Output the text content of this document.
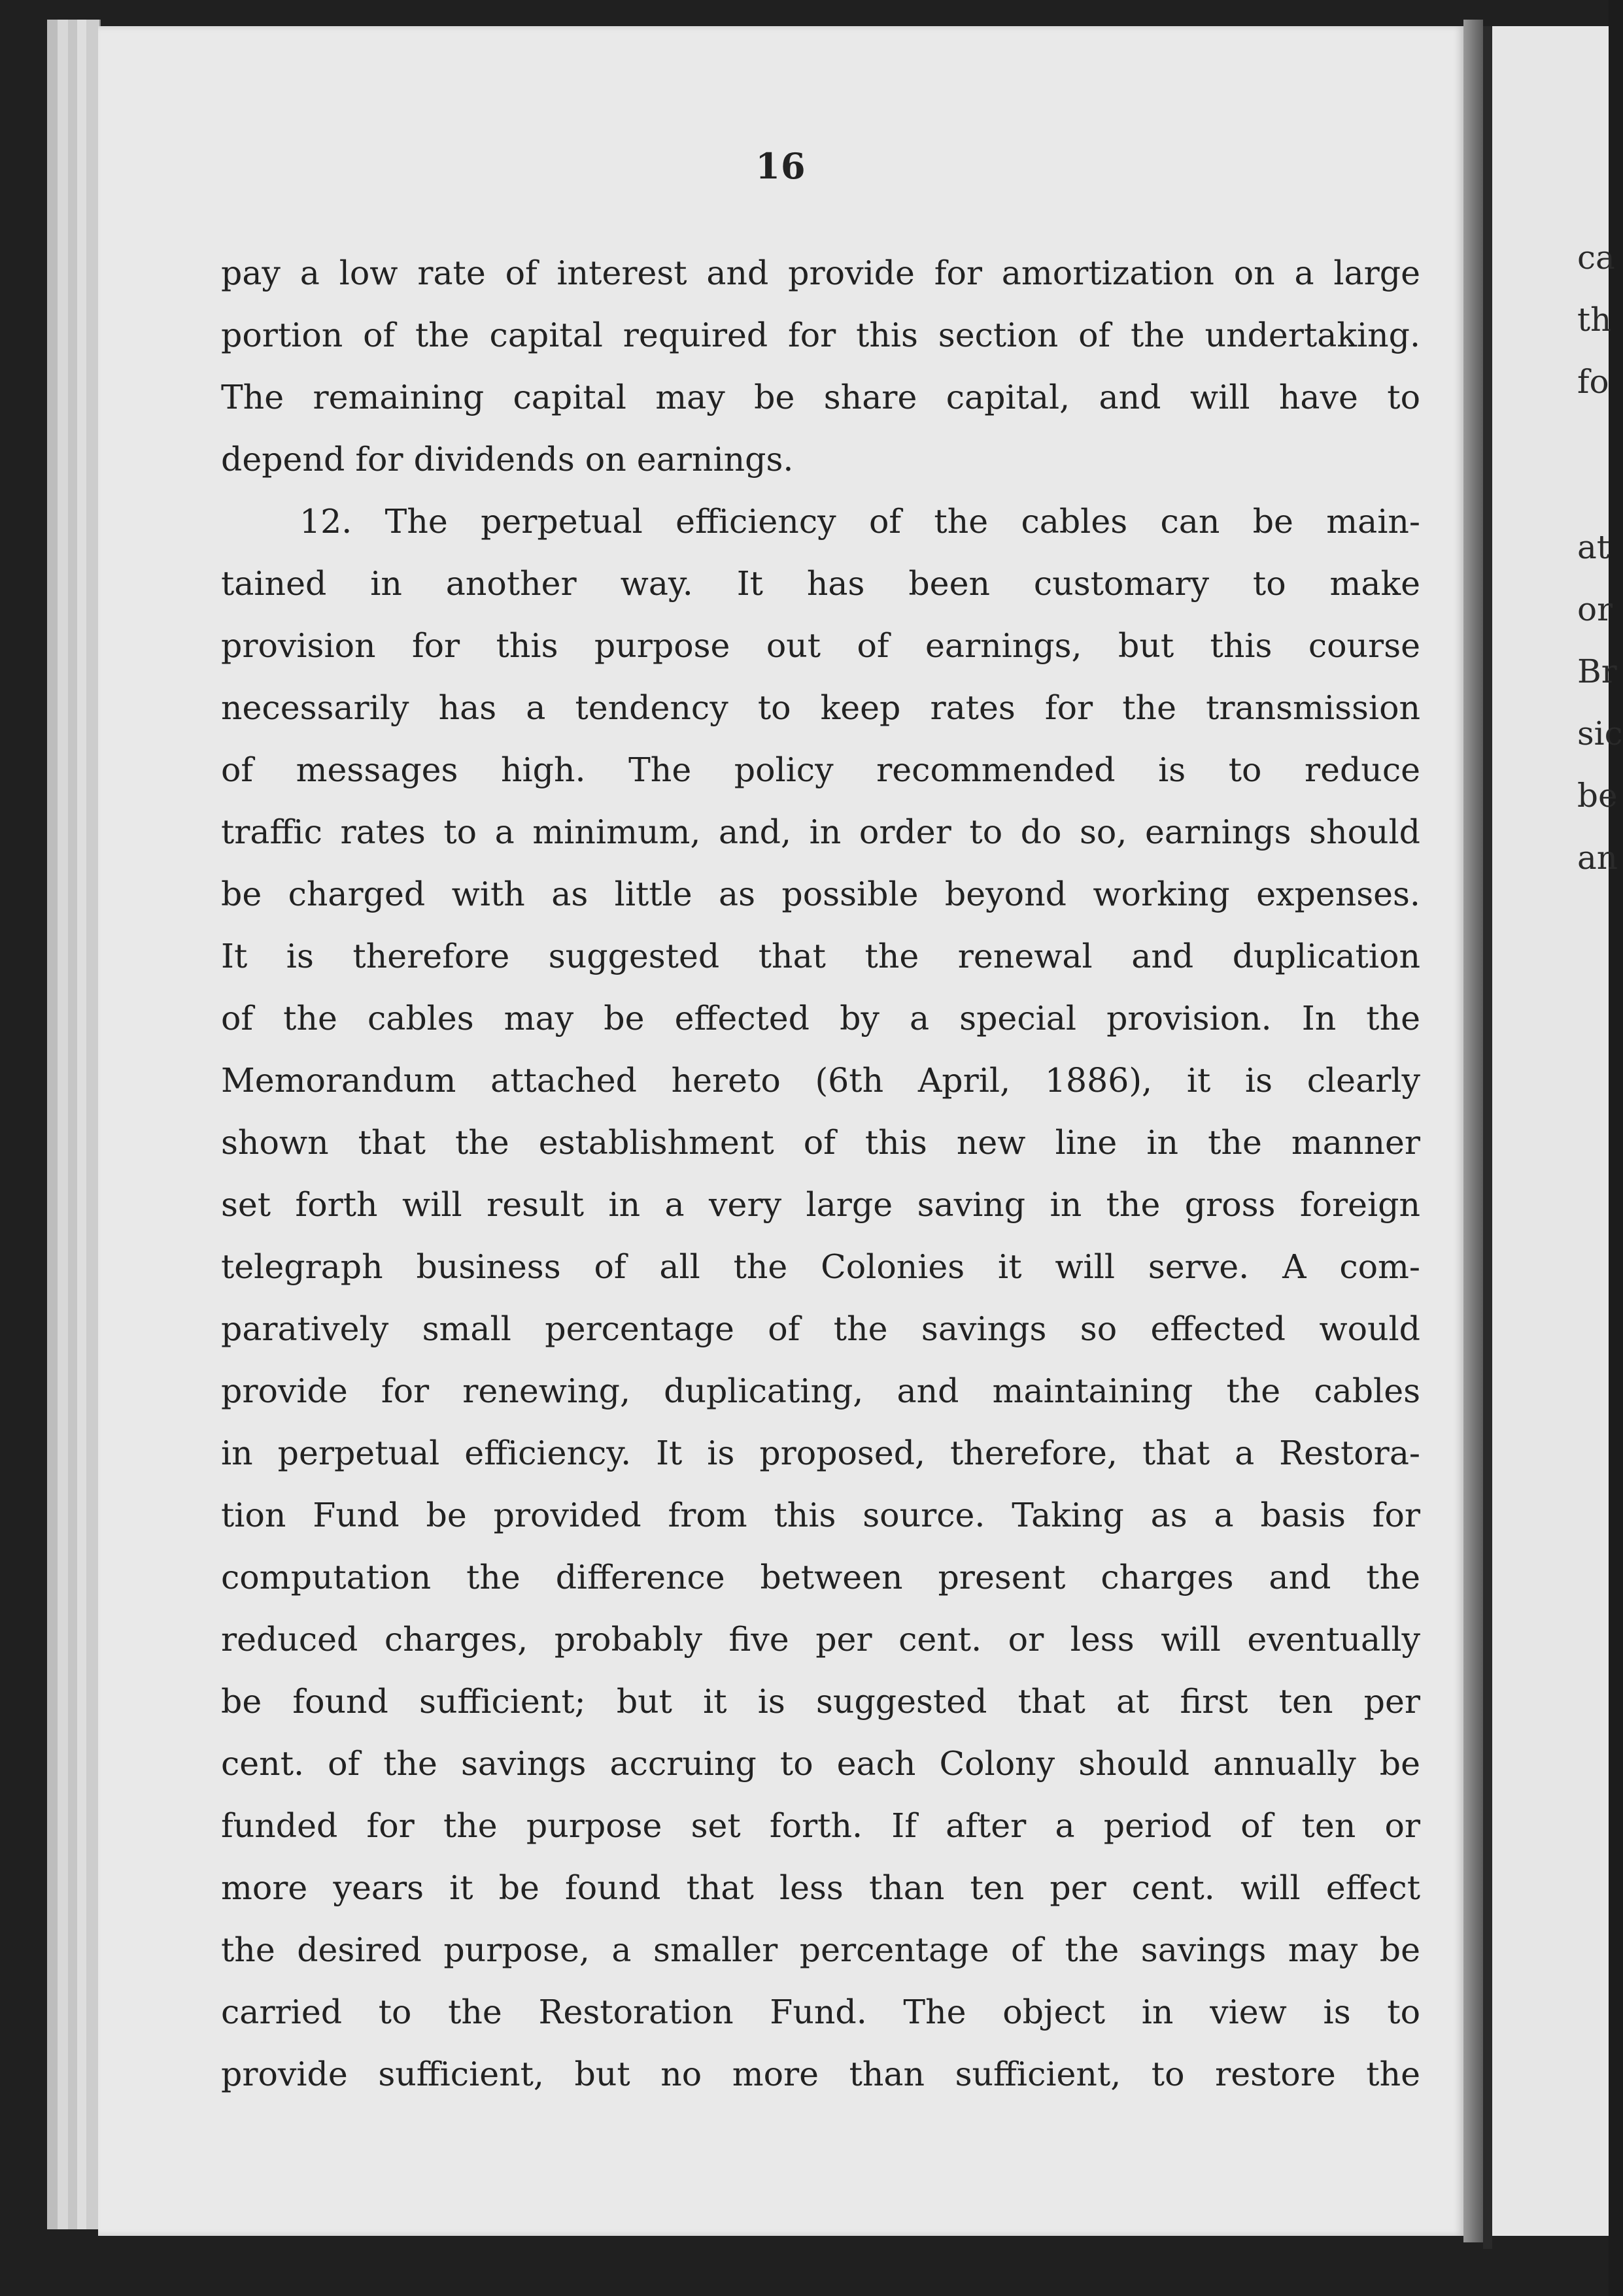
ca
th
fo
at
or
Br
sic
be
an
16
pay a low rate of interest and provide for amortization on a large
portion of the capital required for this section of the undertaking.
The remaining capital may be share capital, and will have to
depend for dividends on earnings.
12. The perpetual efficiency of the cables can be main-
tained in another way. It has been customary to make
provision for this purpose out of earnings, but this course
necessarily has a tendency to keep rates for the transmission
of messages high. The policy recommended is to reduce
traffic rates to a minimum, and, in order to do so, earnings should
be charged with as little as possible beyond working expenses.
It is therefore suggested that the renewal and duplication
of the cables may be effected by a special provision. In the
Memorandum attached hereto (6th April, 1886), it is clearly
shown that the establishment of this new line in the manner
set forth will result in a very large saving in the gross foreign
telegraph business of all the Colonies it will serve. A com-
paratively small percentage of the savings so effected would
provide for renewing, duplicating, and maintaining the cables
in perpetual efficiency. It is proposed, therefore, that a Restora-
tion Fund be provided from this source. Taking as a basis for
computation the difference between present charges and the
reduced charges, probably five per cent. or less will eventually
be found sufficient; but it is suggested that at first ten per
cent. of the savings accruing to each Colony should annually be
funded for the purpose set forth. If after a period of ten or
more years it be found that less than ten per cent. will effect
the desired purpose, a smaller percentage of the savings may be
carried to the Restoration Fund. The object in view is to
provide sufficient, but no more than sufficient, to restore the
